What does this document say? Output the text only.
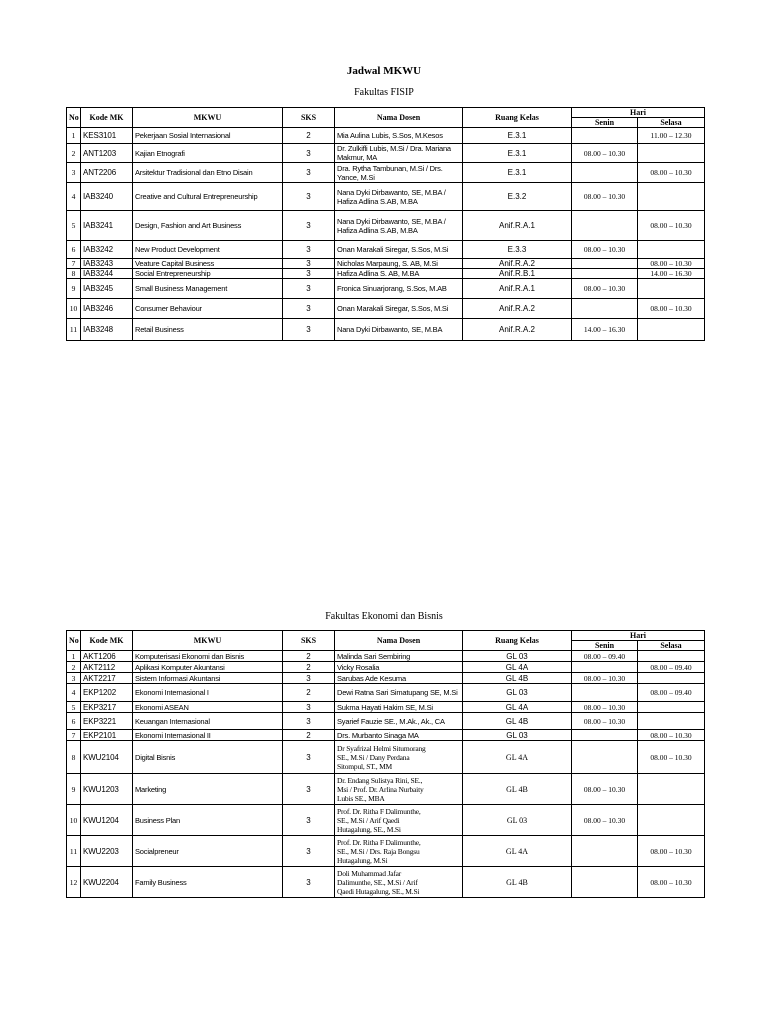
Jadwal MKWU
Fakultas FISIP
No	Kode MK	MKWU	SKS	Nama Dosen	Ruang Kelas	Hari	
						Senin	Selasa
1	KES3101	Pekerjaan Sosial Internasional	2	Mia Aulina Lubis, S.Sos, M.Kesos	E.3.1		11.00 – 12.30
2	ANT1203	Kajian Etnografi	3	Dr. Zulkifli Lubis, M.Si / Dra. Mariana Makmur, MA	E.3.1	08.00 – 10.30	
3	ANT2206	Arsitektur Tradisional dan Etno Disain	3	Dra. Rytha Tambunan, M.Si / Drs. Yance, M.Si	E.3.1		08.00 – 10.30
4	IAB3240	Creative and Cultural Entrepreneurship	3	Nana Dyki Dirbawanto, SE, M.BA / Hafiza Adlina S.AB, M.BA	E.3.2	08.00 – 10.30	
5	IAB3241	Design, Fashion and Art Business	3	Nana Dyki Dirbawanto, SE, M.BA / Hafiza Adlina S.AB, M.BA	Anif.R.A.1		08.00 – 10.30
6	IAB3242	New Product Development	3	Onan Marakali Siregar, S.Sos, M.Si	E.3.3	08.00 – 10.30	
7	IAB3243	Veature Capital Business	3	Nicholas Marpaung, S. AB, M.Si	Anif.R.A.2		08.00 – 10.30
8	IAB3244	Social Entrepreneurship	3	Hafiza Adlina S. AB, M.BA	Anif.R.B.1		14.00 – 16.30
9	IAB3245	Small Business Management	3	Fronica Sinuarjorang, S.Sos, M.AB	Anif.R.A.1	08.00 – 10.30	
10	IAB3246	Consumer Behaviour	3	Onan Marakali Siregar, S.Sos, M.Si	Anif.R.A.2		08.00 – 10.30
11	IAB3248	Retail Business	3	Nana Dyki Dirbawanto, SE, M.BA	Anif.R.A.2	14.00 – 16.30	
Fakultas Ekonomi dan Bisnis
No	Kode MK	MKWU	SKS	Nama Dosen	Ruang Kelas	Hari	
						Senin	Selasa
1	AKT1206	Komputerisasi Ekonomi dan Bisnis	2	Malinda Sari Sembiring	GL 03	08.00 – 09.40	
2	AKT2112	Aplikasi Komputer Akuntansi	2	Vicky Rosalia	GL 4A		08.00 – 09.40
3	AKT2217	Sistem Informasi Akuntansi	3	Sarubas Ade Kesuma	GL 4B	08.00 – 10.30	
4	EKP1202	Ekonomi Internasional I	2	Dewi Ratna Sari Simatupang SE, M.Si	GL 03		08.00 – 09.40
5	EKP3217	Ekonomi ASEAN	3	Sukma Hayati Hakim SE, M.Si	GL 4A	08.00 – 10.30	
6	EKP3221	Keuangan Internasional	3	Syarief Fauzie SE., M.Ak., Ak., CA	GL 4B	08.00 – 10.30	
7	EKP2101	Ekonomi Internasional II	2	Drs. Murbanto Sinaga MA	GL 03		08.00 – 10.30
8	KWU2104	Digital Bisnis	3	Dr Syafrizal Helmi Situmorang
SE., M.Si / Dany Perdana
Sitompul, ST., MM	GL 4A		08.00 – 10.30
9	KWU1203	Marketing	3	Dr. Endang Sulistya Rini, SE.,
Msi / Prof. Dr. Arlina Nurbaity
Lubis SE., MBA	GL 4B	08.00 – 10.30	
10	KWU1204	Business Plan	3	Prof. Dr. Ritha F Dalimunthe,
SE., M.Si / Arif Qaedi
Hutagalung, SE., M.Si	GL 03	08.00 – 10.30	
11	KWU2203	Socialpreneur	3	Prof. Dr. Ritha F Dalimunthe,
SE., M.Si / Drs. Raja Bongsu
Hutagalung, M.Si	GL 4A		08.00 – 10.30
12	KWU2204	Family Business	3	Doli Muhammad Jafar
Dalimunthe, SE., M.Si / Arif
Qaedi Hutagalung, SE., M.Si	GL 4B		08.00 – 10.30
